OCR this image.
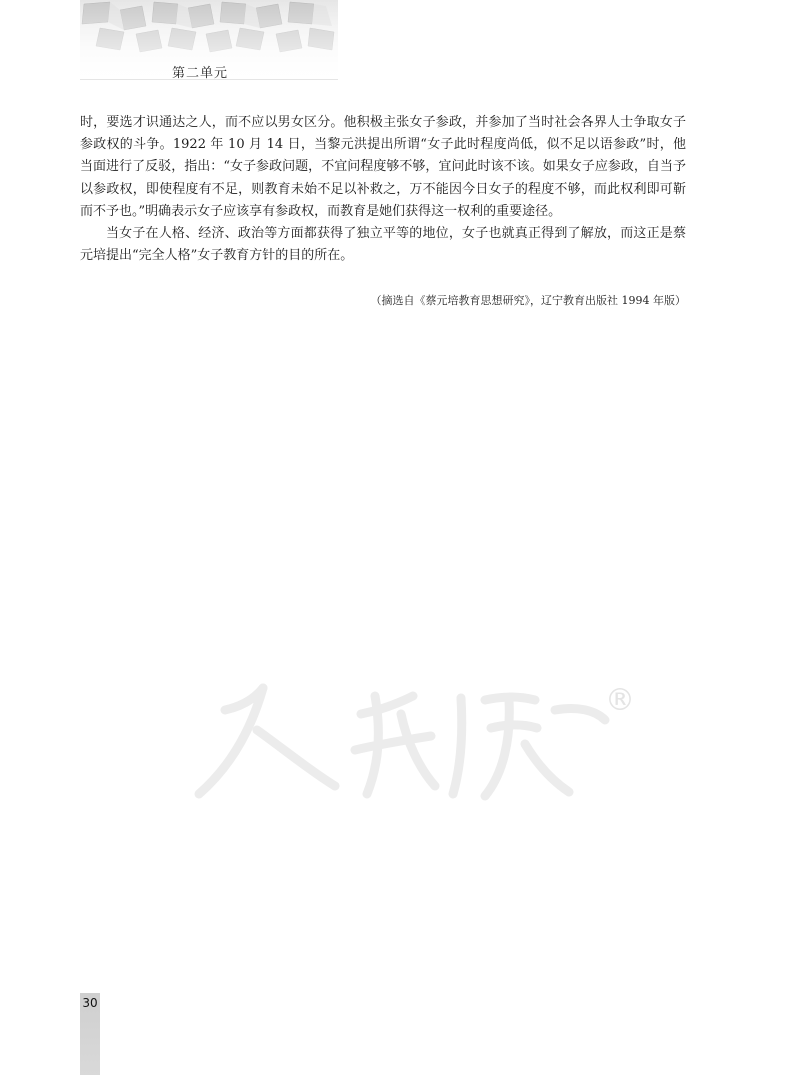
第二单元

时，要选才识通达之人，而不应以男女区分。他积极主张女子参政，并参加了当时社会各界人士争取女子参政权的斗争。1922 年 10 月 14 日，当黎元洪提出所谓“女子此时程度尚低，似不足以语参政”时，他当面进行了反驳，指出：“女子参政问题，不宜问程度够不够，宜问此时该不该。如果女子应参政，自当予以参政权，即使程度有不足，则教育未始不足以补救之，万不能因今日女子的程度不够，而此权利即可靳而不予也。”明确表示女子应该享有参政权，而教育是她们获得这一权利的重要途径。

当女子在人格、经济、政治等方面都获得了独立平等的地位，女子也就真正得到了解放，而这正是蔡元培提出“完全人格”女子教育方针的目的所在。

（摘选自《蔡元培教育思想研究》，辽宁教育出版社 1994 年版）
®
30
